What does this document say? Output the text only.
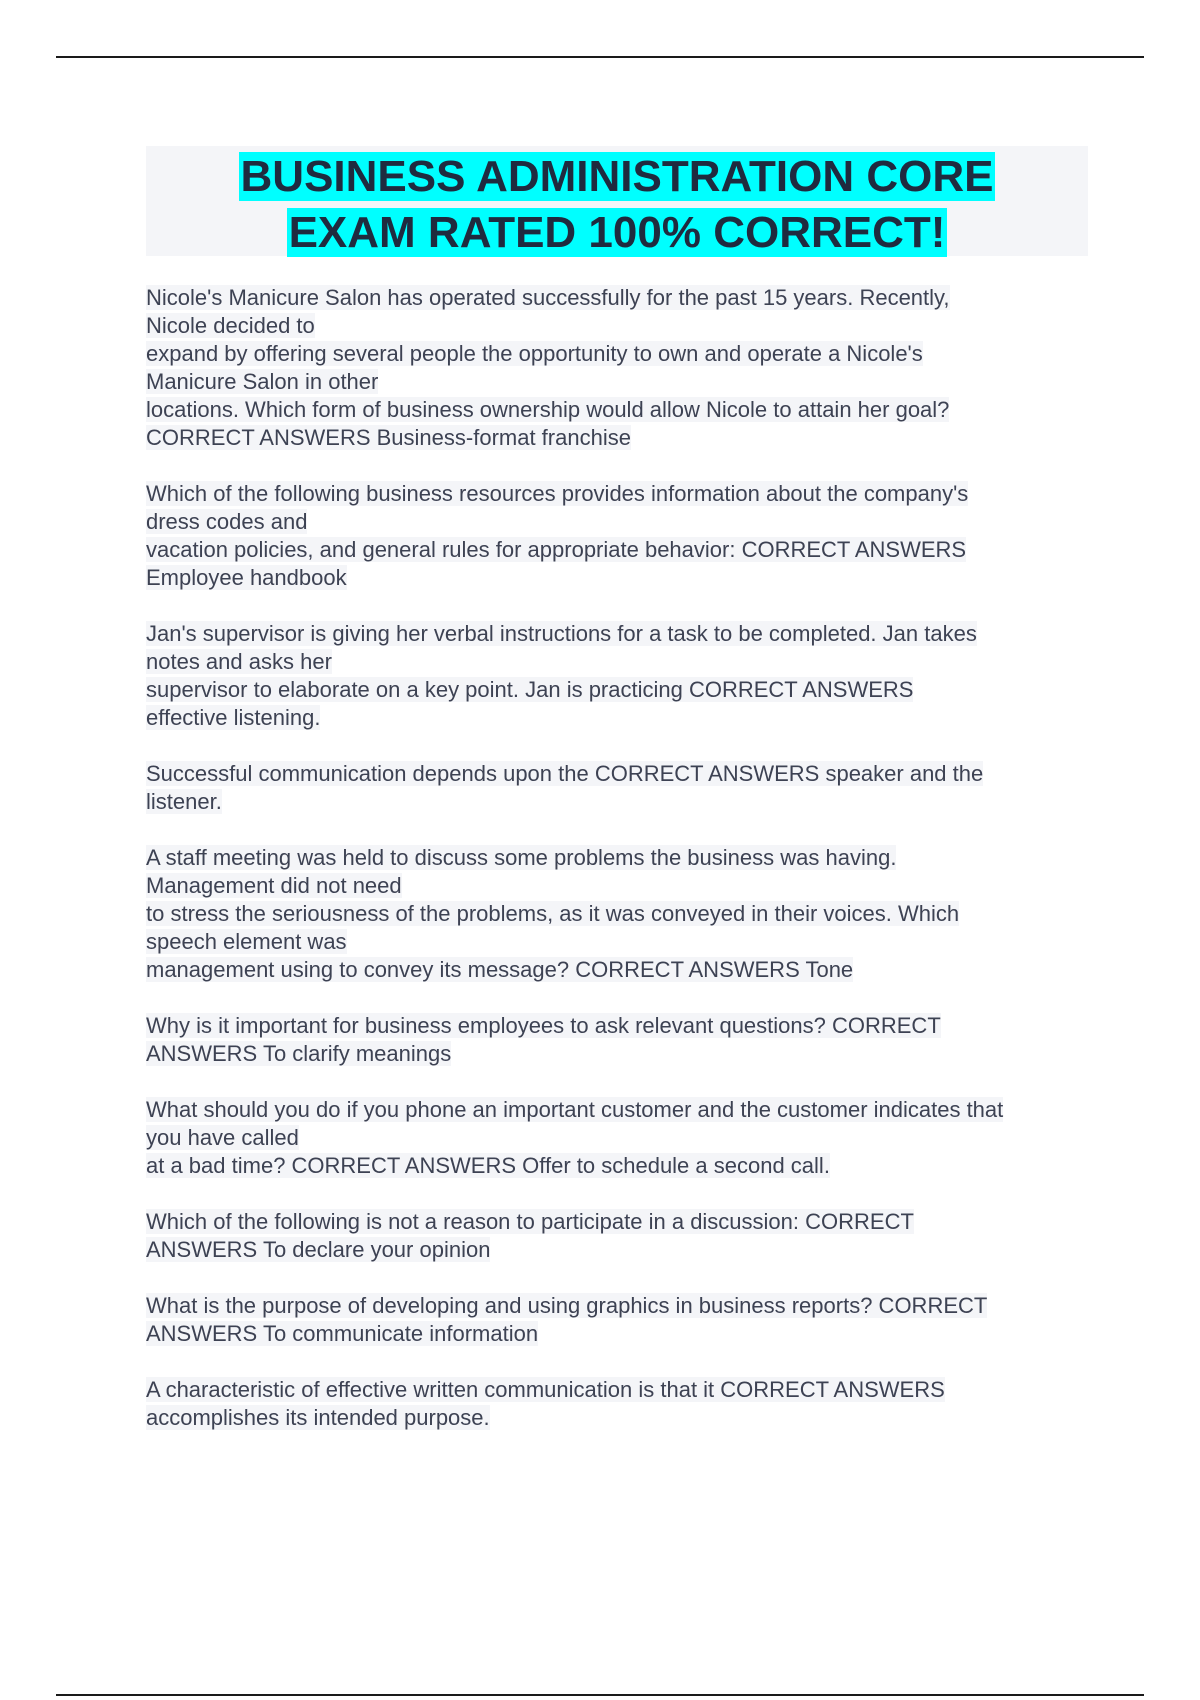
BUSINESS ADMINISTRATION CORE
EXAM RATED 100% CORRECT!

Nicole's Manicure Salon has operated successfully for the past 15 years. Recently,
Nicole decided to
expand by offering several people the opportunity to own and operate a Nicole's
Manicure Salon in other
locations. Which form of business ownership would allow Nicole to attain her goal?
CORRECT ANSWERS Business-format franchise

Which of the following business resources provides information about the company's
dress codes and
vacation policies, and general rules for appropriate behavior: CORRECT ANSWERS
Employee handbook

Jan's supervisor is giving her verbal instructions for a task to be completed. Jan takes
notes and asks her
supervisor to elaborate on a key point. Jan is practicing CORRECT ANSWERS
effective listening.

Successful communication depends upon the CORRECT ANSWERS speaker and the
listener.

A staff meeting was held to discuss some problems the business was having.
Management did not need
to stress the seriousness of the problems, as it was conveyed in their voices. Which
speech element was
management using to convey its message? CORRECT ANSWERS Tone

Why is it important for business employees to ask relevant questions? CORRECT
ANSWERS To clarify meanings

What should you do if you phone an important customer and the customer indicates that
you have called
at a bad time? CORRECT ANSWERS Offer to schedule a second call.

Which of the following is not a reason to participate in a discussion: CORRECT
ANSWERS To declare your opinion

What is the purpose of developing and using graphics in business reports? CORRECT
ANSWERS To communicate information

A characteristic of effective written communication is that it CORRECT ANSWERS
accomplishes its intended purpose.
